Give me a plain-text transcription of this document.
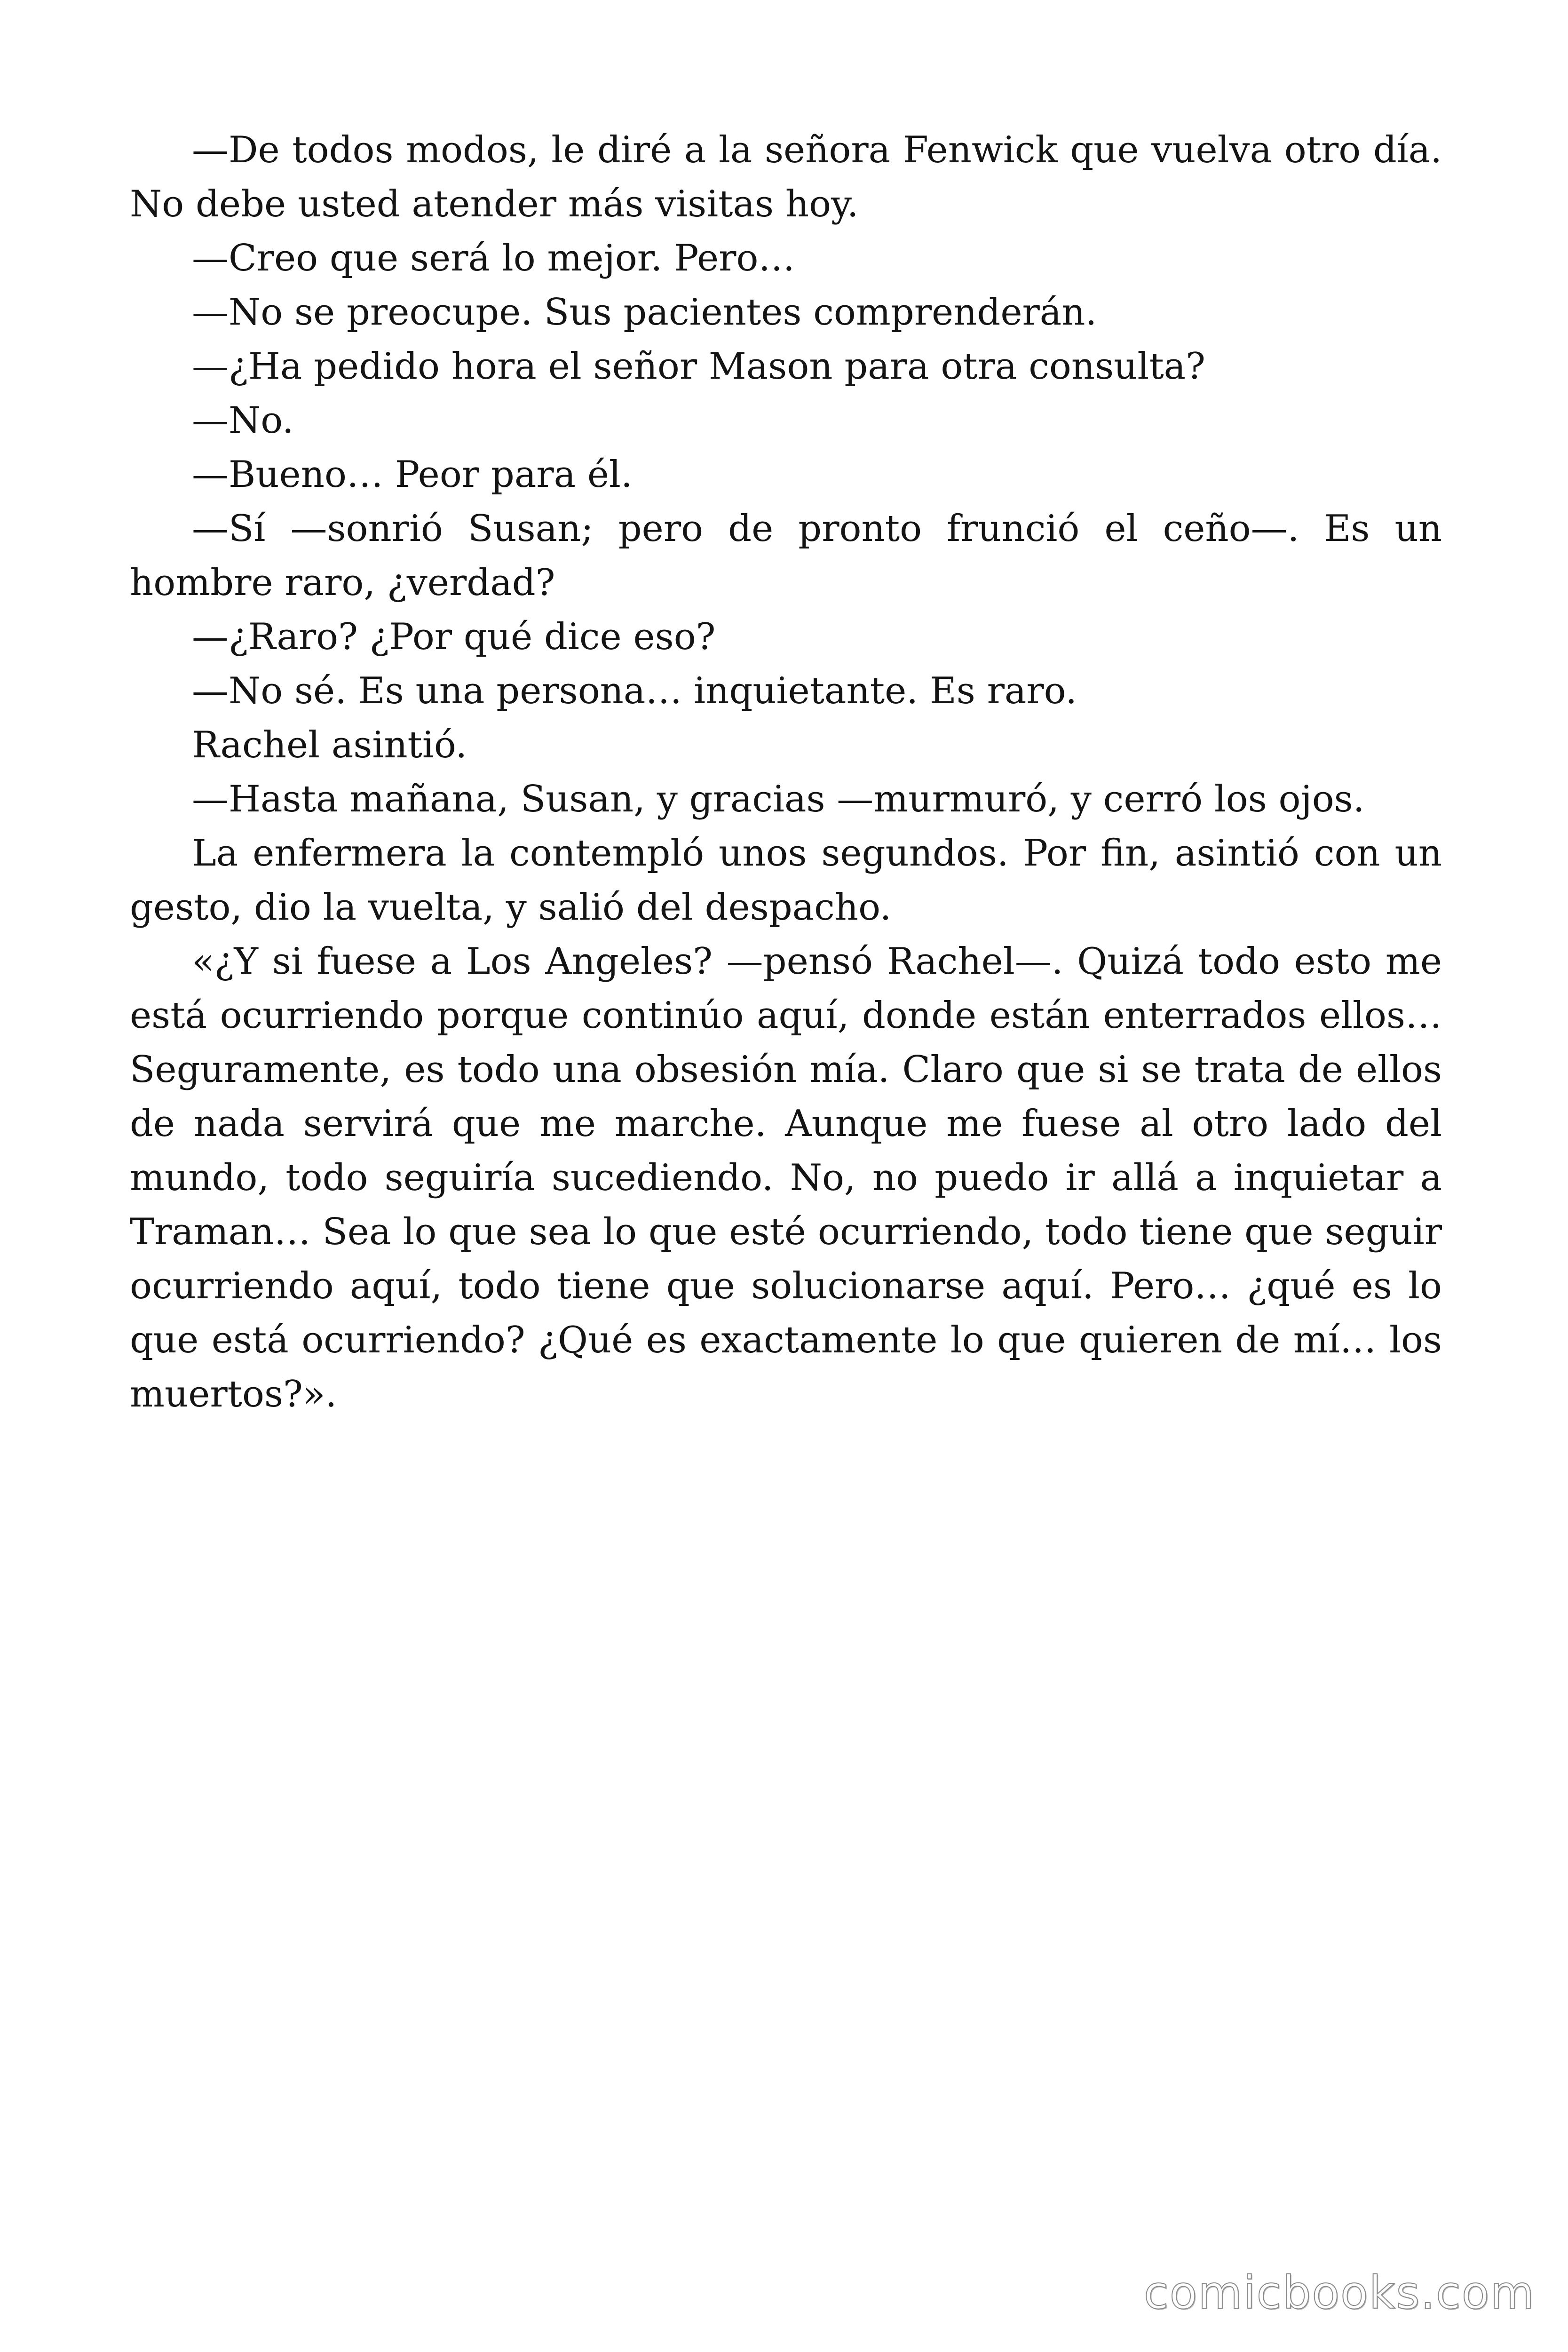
—De todos modos, le diré a la señora Fenwick que vuelva otro día. No debe usted atender más visitas hoy.

—Creo que será lo mejor. Pero…

—No se preocupe. Sus pacientes comprenderán.

—¿Ha pedido hora el señor Mason para otra consulta?

—No.

—Bueno… Peor para él.

—Sí —sonrió Susan; pero de pronto frunció el ceño—. Es un hombre raro, ¿verdad?

—¿Raro? ¿Por qué dice eso?

—No sé. Es una persona… inquietante. Es raro.

Rachel asintió.

—Hasta mañana, Susan, y gracias —murmuró, y cerró los ojos.

La enfermera la contempló unos segundos. Por fin, asintió con un gesto, dio la vuelta, y salió del despacho.

«¿Y si fuese a Los Angeles? —pensó Rachel—. Quizá todo esto me está ocurriendo porque continúo aquí, donde están enterrados ellos… Seguramente, es todo una obsesión mía. Claro que si se trata de ellos de nada servirá que me marche. Aunque me fuese al otro lado del mundo, todo seguiría sucediendo. No, no puedo ir allá a inquietar a Traman… Sea lo que sea lo que esté ocurriendo, todo tiene que seguir ocurriendo aquí, todo tiene que solucionarse aquí. Pero… ¿qué es lo que está ocurriendo? ¿Qué es exactamente lo que quieren de mí… los muertos?».

comicbooks.com
